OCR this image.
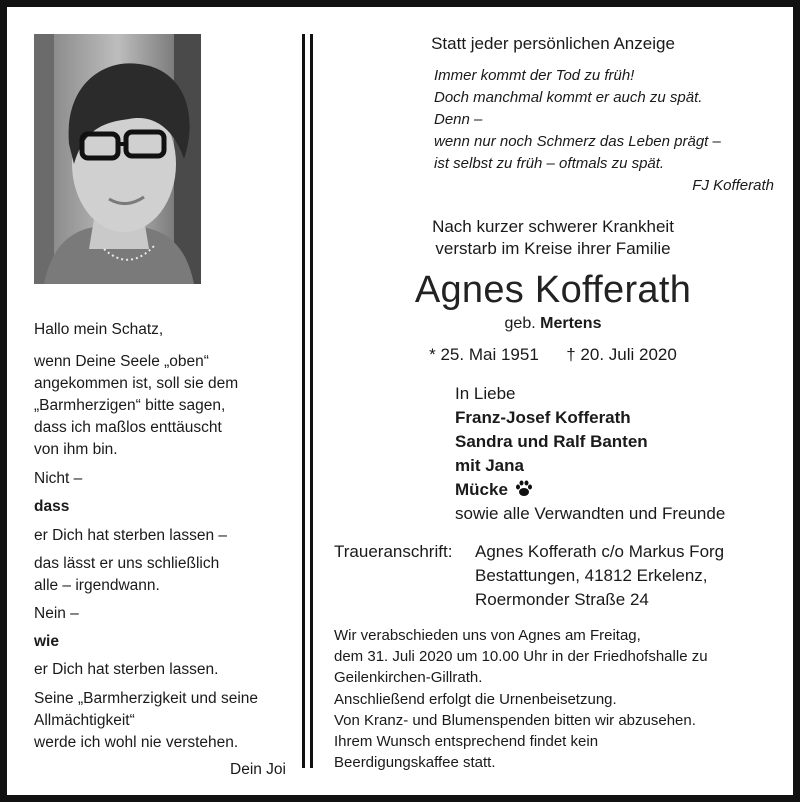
Hallo mein Schatz,
wenn Deine Seele „oben“
angekommen ist, soll sie dem
„Barmherzigen“ bitte sagen,
dass ich maßlos enttäuscht
von ihm bin.
Nicht –
dass
er Dich hat sterben lassen –
das lässt er uns schließlich
alle – irgendwann.
Nein –
wie
er Dich hat sterben lassen.
Seine „Barmherzigkeit und seine
Allmächtigkeit“
werde ich wohl nie verstehen.
Dein Joi
Statt jeder persönlichen Anzeige
Immer kommt der Tod zu früh!
Doch manchmal kommt er auch zu spät.
Denn –
wenn nur noch Schmerz das Leben prägt –
ist selbst zu früh – oftmals zu spät.
FJ Kofferath
Nach kurzer schwerer Krankheit
verstarb im Kreise ihrer Familie
Agnes Kofferath
geb. Mertens
* 25. Mai 1951 † 20. Juli 2020
In Liebe
Franz-Josef Kofferath
Sandra und Ralf Banten
mit Jana
Mücke
sowie alle Verwandten und Freunde
Traueranschrift: Agnes Kofferath c/o Markus Forg
Bestattungen, 41812 Erkelenz,
Roermonder Straße 24
Wir verabschieden uns von Agnes am Freitag,
dem 31. Juli 2020 um 10.00 Uhr in der Friedhofshalle zu
Geilenkirchen-Gillrath.
Anschließend erfolgt die Urnenbeisetzung.
Von Kranz- und Blumenspenden bitten wir abzusehen.
Ihrem Wunsch entsprechend findet kein
Beerdigungskaffee statt.
